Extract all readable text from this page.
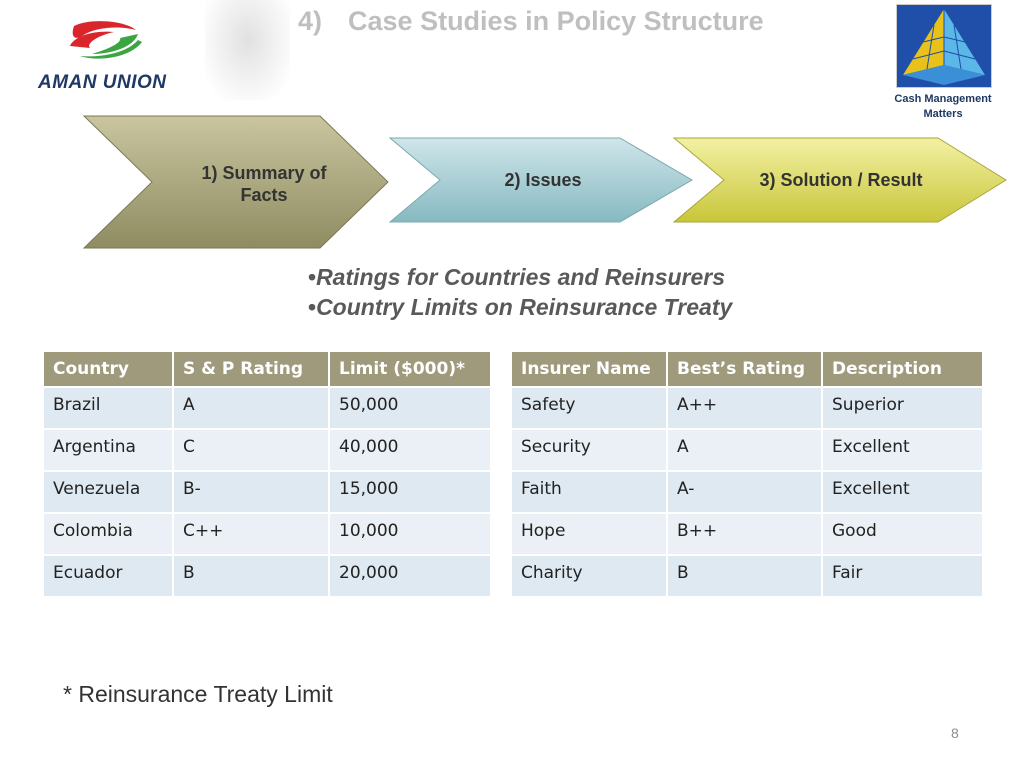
AMAN UNION
4) Case Studies in Policy Structure
Cash Management Matters
1) Summary of Facts
2) Issues	3) Solution / Result
•Ratings for Countries and Reinsurers
•Country Limits on Reinsurance Treaty
Country	S & P Rating	Limit ($000)*
Brazil	A	50,000
Argentina	C	40,000
Venezuela	B-	15,000
Colombia	C++	10,000
Ecuador	B	20,000
Insurer Name	Best’s Rating	Description
Safety	A++	Superior
Security	A	Excellent
Faith	A-	Excellent
Hope	B++	Good
Charity	B	Fair
* Reinsurance Treaty Limit
8
